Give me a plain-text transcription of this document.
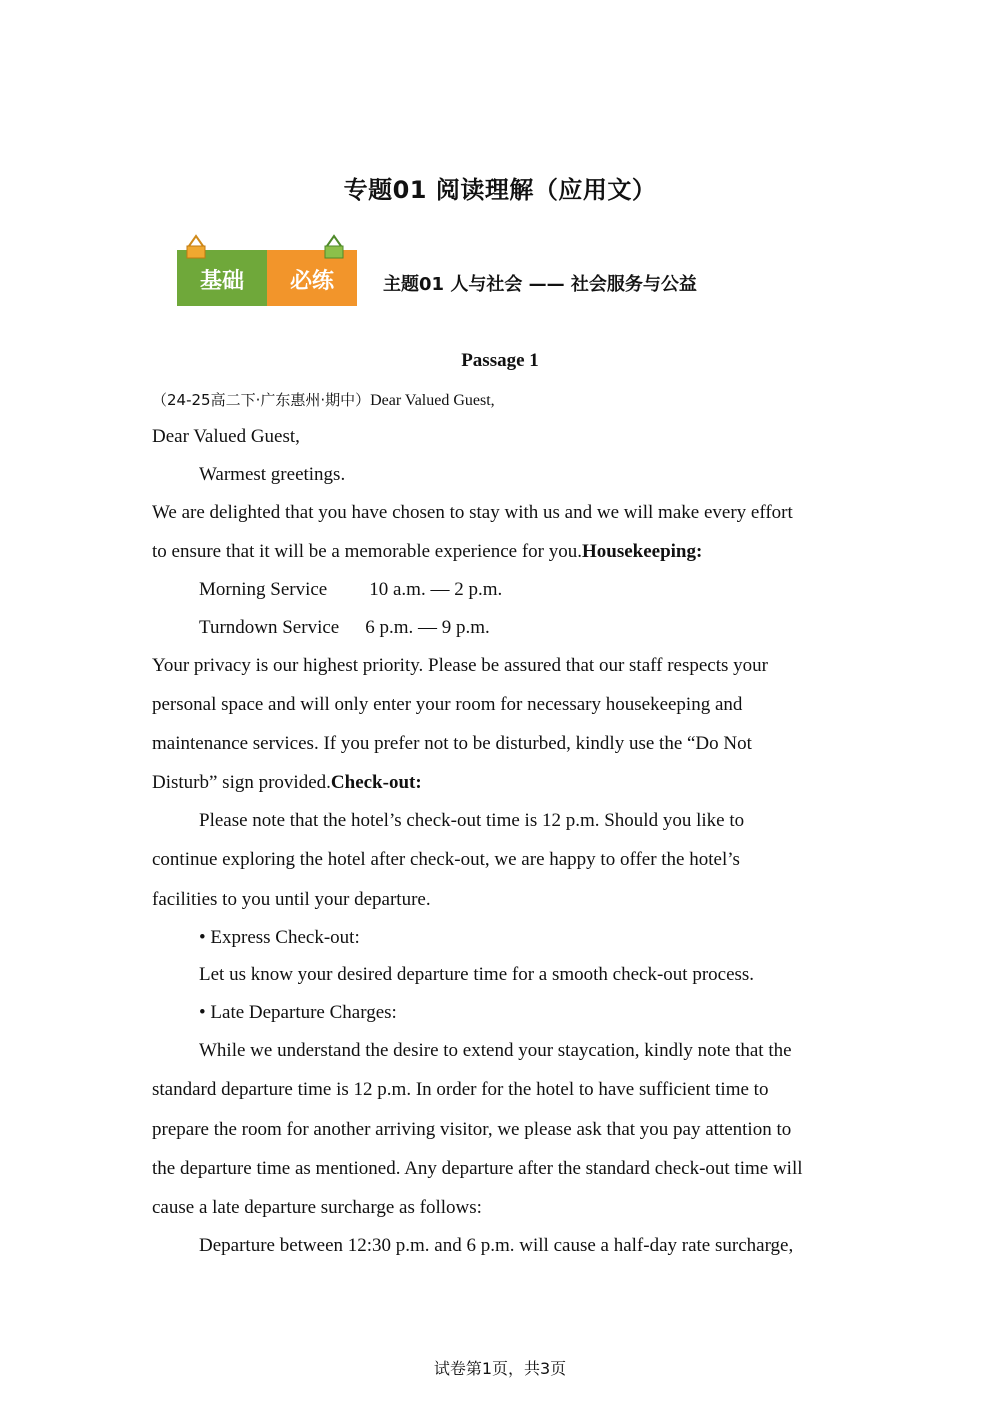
专题01 阅读理解（应用文）
基础	必练	主题01 人与社会 —— 社会服务与公益
Passage 1
（24-25高二下·广东惠州·期中）Dear Valued Guest,
Dear Valued Guest,
Warmest greetings.
We are delighted that you have chosen to stay with us and we will make every effort
to ensure that it will be a memorable experience for you.Housekeeping:
Morning Service 10 a.m. — 2 p.m.
Turndown Service 6 p.m. — 9 p.m.
Your privacy is our highest priority. Please be assured that our staff respects your
personal space and will only enter your room for necessary housekeeping and
maintenance services. If you prefer not to be disturbed, kindly use the “Do Not
Disturb” sign provided.Check-out:
Please note that the hotel’s check-out time is 12 p.m. Should you like to
continue exploring the hotel after check-out, we are happy to offer the hotel’s
facilities to you until your departure.
• Express Check-out:
Let us know your desired departure time for a smooth check-out process.
• Late Departure Charges:
While we understand the desire to extend your staycation, kindly note that the
standard departure time is 12 p.m. In order for the hotel to have sufficient time to
prepare the room for another arriving visitor, we please ask that you pay attention to
the departure time as mentioned. Any departure after the standard check-out time will
cause a late departure surcharge as follows:
Departure between 12:30 p.m. and 6 p.m. will cause a half-day rate surcharge,
试卷第1页，共3页
